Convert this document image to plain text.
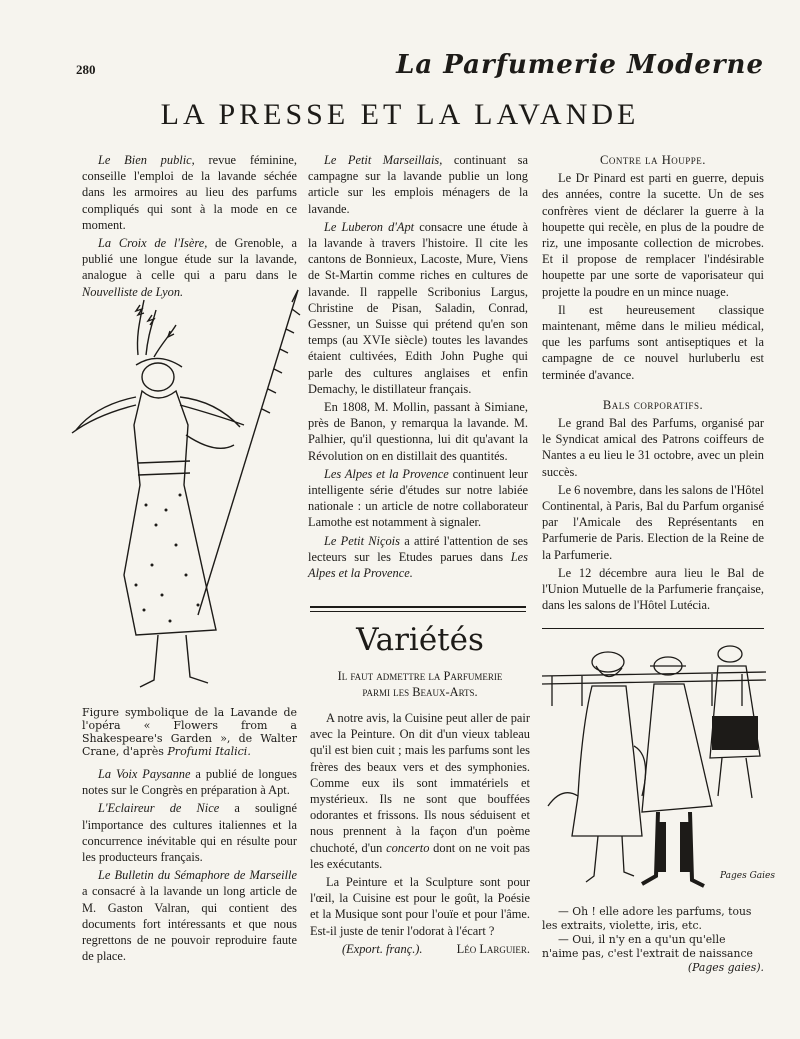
280	La Parfumerie Moderne
LA PRESSE ET LA LAVANDE

Le Bien public, revue féminine, conseille l'emploi de la lavande séchée dans les armoires au lieu des parfums compliqués qui sont à la mode en ce moment.

La Croix de l'Isère, de Grenoble, a publié une longue étude sur la lavande, analogue à celle qui a paru dans le Nouvelliste de Lyon.

Figure symbolique de la Lavande de l'opéra « Flowers from a Shakespeare's Garden », de Walter Crane, d'après Profumi Italici.

La Voix Paysanne a publié de longues notes sur le Congrès en préparation à Apt.

L'Eclaireur de Nice a souligné l'importance des cultures italiennes et la concurrence inévitable qui en résulte pour les producteurs français.

Le Bulletin du Sémaphore de Marseille a consacré à la lavande un long article de M. Gaston Valran, qui contient des documents fort intéressants et que nous regrettons de ne pouvoir reproduire faute de place.

Le Petit Marseillais, continuant sa campagne sur la lavande publie un long article sur les emplois ménagers de la lavande.

Le Luberon d'Apt consacre une étude à la lavande à travers l'histoire. Il cite les cantons de Bonnieux, Lacoste, Mure, Viens de St-Martin comme riches en cultures de lavande. Il rappelle Scribonius Largus, Christine de Pisan, Saladin, Conrad, Gessner, un Suisse qui prétend qu'en son temps (au XVIe siècle) toutes les lavandes étaient cultivées, Edith John Pughe qui parle des cultures anglaises et enfin Demachy, le distillateur français.

En 1808, M. Mollin, passant à Simiane, près de Banon, y remarqua la lavande. M. Palhier, qu'il questionna, lui dit qu'avant la Révolution on en distillait des quantités.

Les Alpes et la Provence continuent leur intelligente série d'études sur notre labiée nationale : un article de notre collaborateur Lamothe est notamment à signaler.

Le Petit Niçois a attiré l'attention de ses lecteurs sur les Etudes parues dans Les Alpes et la Provence.

Variétés
Il faut admettre la Parfumerie
parmi les Beaux-Arts.

A notre avis, la Cuisine peut aller de pair avec la Peinture. On dit d'un vieux tableau qu'il est bien cuit ; mais les parfums sont les frères des beaux vers et des symphonies. Comme eux ils sont immatériels et mystérieux. Ils ne sont que bouffées odorantes et frissons. Ils nous séduisent et nous prennent à la façon d'un poème chuchoté, d'un concerto dont on ne voit pas les exécutants.

La Peinture et la Sculpture sont pour l'œil, la Cuisine est pour le goût, la Poésie et la Musique sont pour l'ouïe et pour l'âme. Est-il juste de tenir l'odorat à l'écart ?

(Export. franç.).	Léo Larguier.

Contre la Houppe.

Le Dr Pinard est parti en guerre, depuis des années, contre la sucette. Un de ses confrères vient de déclarer la guerre à la houpette qui recèle, en plus de la poudre de riz, une imposante collection de microbes. Et il propose de remplacer l'indésirable houpette par une sorte de vaporisateur qui projette la poudre en un mince nuage.

Il est heureusement classique maintenant, même dans le milieu médical, que les parfums sont antiseptiques et la campagne de ce nouvel hurluberlu est terminée d'avance.

Bals corporatifs.

Le grand Bal des Parfums, organisé par le Syndicat amical des Patrons coiffeurs de Nantes a eu lieu le 31 octobre, avec un plein succès.

Le 6 novembre, dans les salons de l'Hôtel Continental, à Paris, Bal du Parfum organisé par l'Amicale des Représentants en Parfumerie de Paris. Election de la Reine de la Parfumerie.

Le 12 décembre aura lieu le Bal de l'Union Mutuelle de la Parfumerie française, dans les salons de l'Hôtel Lutécia.

Pages Gaies

— Oh ! elle adore les parfums, tous les extraits, violette, iris, etc.

— Oui, il n'y en a qu'un qu'elle n'aime pas, c'est l'extrait de naissance

(Pages gaies).
